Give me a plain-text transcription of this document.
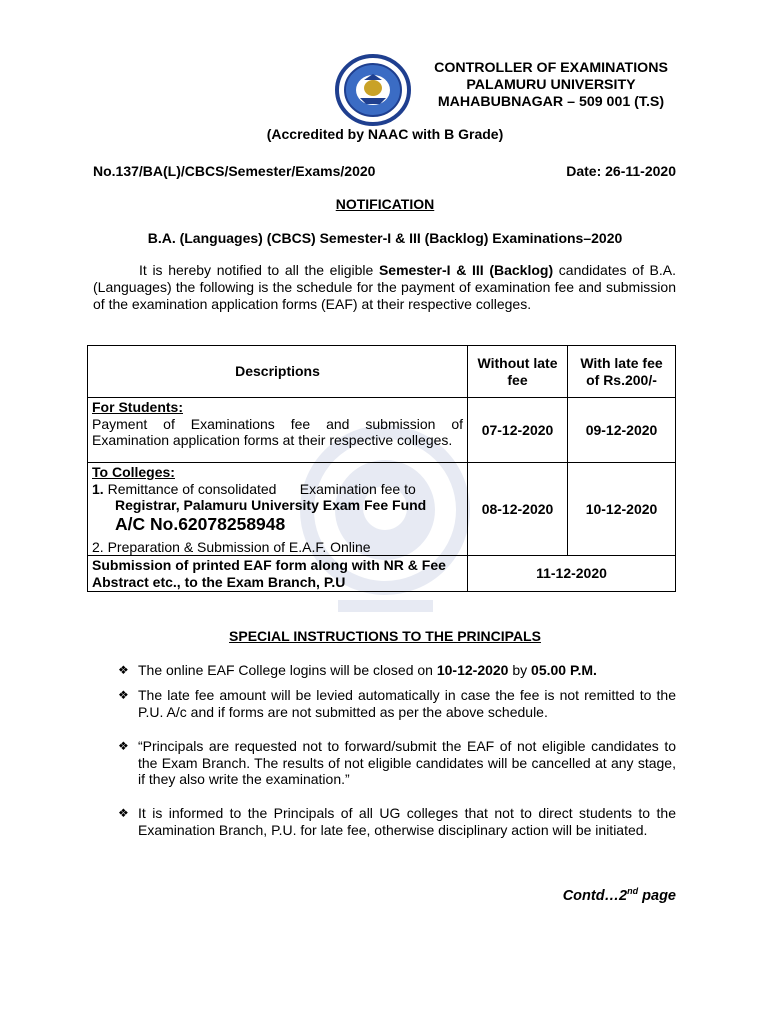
CONTROLLER OF EXAMINATIONS
PALAMURU UNIVERSITY
MAHABUBNAGAR – 509 001 (T.S)
(Accredited by NAAC with B Grade)
No.137/BA(L)/CBCS/Semester/Exams/2020	Date: 26-11-2020
NOTIFICATION
B.A. (Languages) (CBCS) Semester-I & III (Backlog) Examinations–2020
It is hereby notified to all the eligible Semester-I & III (Backlog) candidates of B.A. (Languages) the following is the schedule for the payment of examination fee and submission of the examination application forms (EAF) at their respective colleges.
Descriptions	Without late fee	With late fee of Rs.200/-

For Students:
Payment of Examinations fee and submission of Examination application forms at their respective colleges.	07-12-2020	09-12-2020

To Colleges:
1. Remittance of consolidated      Examination fee to
Registrar, Palamuru University Exam Fee Fund
A/C No.62078258948
2. Preparation & Submission of E.A.F. Online	08-12-2020	10-12-2020
Submission of printed EAF form along with NR & Fee Abstract etc., to the Exam Branch, P.U	11-12-2020	
SPECIAL INSTRUCTIONS TO THE PRINCIPALS
❖ The online EAF College logins will be closed on 10-12-2020 by 05.00 P.M.
❖ The late fee amount will be levied automatically in case the fee is not remitted to the P.U. A/c and if forms are not submitted as per the above schedule.
❖ “Principals are requested not to forward/submit the EAF of not eligible candidates to the Exam Branch. The results of not eligible candidates will be cancelled at any stage, if they also write the examination.”
❖ It is informed to the Principals of all UG colleges that not to direct students to the Examination Branch, P.U. for late fee, otherwise disciplinary action will be initiated.
Contd…2nd page
